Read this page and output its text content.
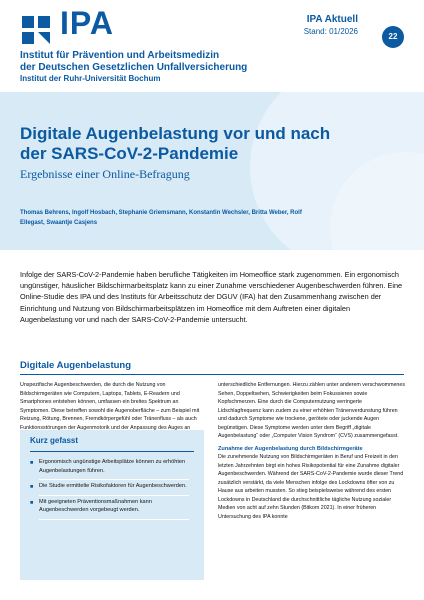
IPA
Institut für Prävention und Arbeitsmedizin
der Deutschen Gesetzlichen Unfallversicherung
Institut der Ruhr-Universität Bochum
IPA Aktuell
Stand: 01/2026
22
Digitale Augenbelastung vor und nach der SARS-CoV-2-Pandemie
Ergebnisse einer Online-Befragung
Thomas Behrens, Ingolf Hosbach, Stephanie Griemsmann, Konstantin Wechsler, Britta Weber, Rolf Ellegast, Swaantje Casjens
Infolge der SARS-CoV-2-Pandemie haben berufliche Tätigkeiten im Homeoffice stark zugenommen. Ein ergonomisch ungünstiger, häuslicher Bildschirmarbeitsplatz kann zu einer Zunahme verschiedener Augenbeschwerden führen. Eine Online-Studie des IPA und des Instituts für Arbeitsschutz der DGUV (IFA) hat den Zusammenhang zwischen der Einrichtung und Nutzung von Bildschirmarbeitsplätzen im Homeoffice mit dem Auftreten einer digitalen Augenbelastung vor und nach der SARS-CoV-2-Pandemie untersucht.
Digitale Augenbelastung
Unspezifische Augenbeschwerden, die durch die Nutzung von Bildschirmgeräten wie Computern, Laptops, Tablets, E-Readern und Smartphones entstehen können, umfassen ein breites Spektrum an Symptomen. Diese betreffen sowohl die Augenoberfläche – zum Beispiel mit Reizung, Rötung, Brennen, Fremdkörpergefühl oder Tränenfluss – als auch Funktionsstörungen der Augenmotorik und der Anpassung des Auges an
unterschiedliche Entfernungen. Hierzu zählen unter anderem verschwommenes Sehen, Doppeltsehen, Schwierigkeiten beim Fokussieren sowie Kopfschmerzen. Eine durch die Computernutzung verringerte Lidschlagfrequenz kann zudem zu einer erhöhten Tränenverdunstung führen und dadurch Symptome wie trockene, gerötete oder juckende Augen begünstigen. Diese Symptome werden unter dem Begriff „digitale Augenbelastung“ oder „Computer Vision Syndrom“ (CVS) zusammengefasst.
Zunahme der Augenbelastung durch Bildschirmgeräte
Die zunehmende Nutzung von Bildschirmgeräten in Beruf und Freizeit in den letzten Jahrzehnten birgt ein hohes Risikopotential für eine Zunahme digitaler Augenbeschwerden. Während der SARS-CoV-2-Pandemie wurde dieser Trend zusätzlich verstärkt, da viele Menschen infolge des Lockdowns öfter von zu Hause aus arbeiten mussten. So stieg beispielsweise während des ersten Lockdowns in Deutschland die durchschnittliche tägliche Nutzung sozialer Medien von acht auf zehn Stunden (Bitkom 2021). In einer früheren Untersuchung des IPA konnte
Kurz gefasst
■ Ergonomisch ungünstige Arbeitsplätze können zu erhöhten Augenbelastungen führen.
■ Die Studie ermittelte Risikofaktoren für Augenbeschwerden.
■ Mit geeigneten Präventionsmaßnahmen kann Augenbeschwerden vorgebeugt werden.
